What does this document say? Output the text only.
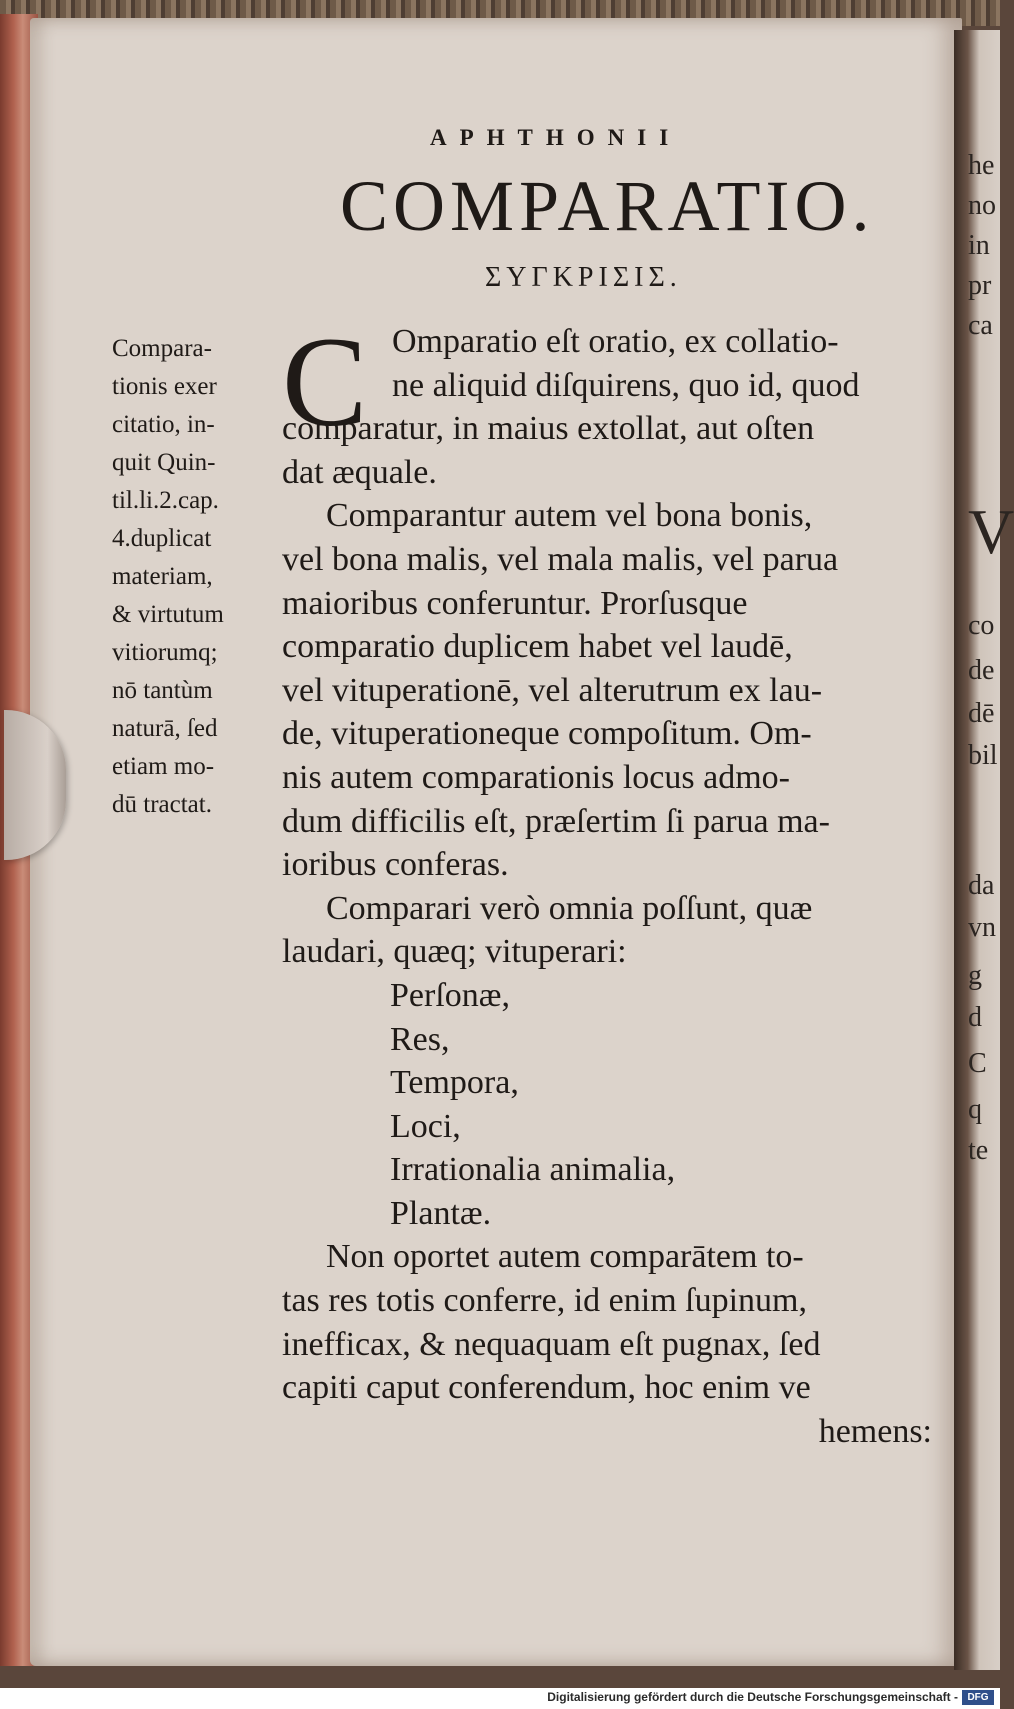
he
no
in
pr
ca
V
co
de
dē
bil
da
vn
g
d
C
q
te
APHTHONII
COMPARATIO.
ΣΥΓΚΡΙΣΙΣ.
Compara-
tionis exer
citatio, in-
quit Quin-
til.li.2.cap.
4.duplicat
materiam,
& virtutum
vitiorumq;
nō tantùm
naturā, ſed
etiam mo-
dū tractat.
C Omparatio eſt oratio, ex collatio-
ne aliquid diſquirens, quo id, quod
comparatur, in maius extollat, aut oſten
dat æquale.
Comparantur autem vel bona bonis,
vel bona malis, vel mala malis, vel parua
maioribus conferuntur. Prorſusque
comparatio duplicem habet vel laudē,
vel vituperationē, vel alterutrum ex lau-
de, vituperationeque compoſitum. Om-
nis autem comparationis locus admo-
dum difficilis eſt, præſertim ſi parua ma-
ioribus conferas.
Comparari verò omnia poſſunt, quæ
laudari, quæq; vituperari:
Perſonæ,
Res,
Tempora,
Loci,
Irrationalia animalia,
Plantæ.
Non oportet autem comparātem to-
tas res totis conferre, id enim ſupinum,
inefficax, & nequaquam eſt pugnax, ſed
capiti caput conferendum, hoc enim ve
hemens:
Digitalisierung gefördert durch die Deutsche Forschungsgemeinschaft - DFG
